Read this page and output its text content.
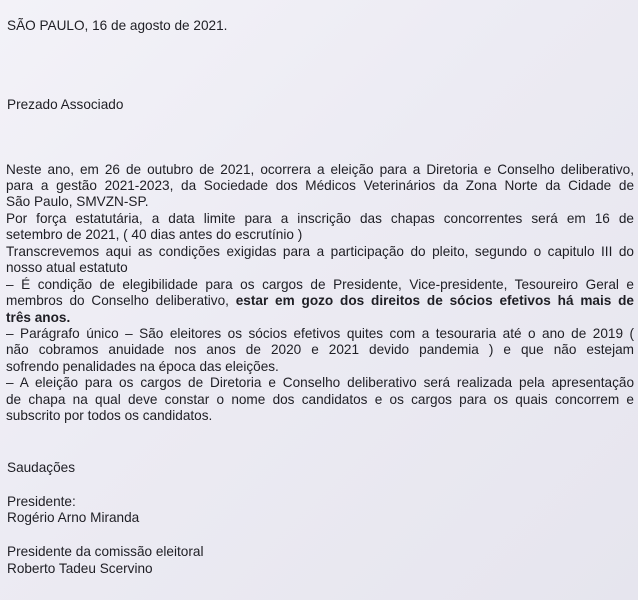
SÃO PAULO, 16 de agosto de 2021.
Prezado Associado
Neste ano, em 26 de outubro de 2021, ocorrera a eleição para a Diretoria e Conselho deliberativo,
para a gestão 2021-2023, da Sociedade dos Médicos Veterinários da Zona Norte da Cidade de
São Paulo, SMVZN-SP.
Por força estatutária, a data limite para a inscrição das chapas concorrentes será em 16 de
setembro de 2021, ( 40 dias antes do escrutínio )
Transcrevemos aqui as condições exigidas para a participação do pleito, segundo o capitulo III do
nosso atual estatuto
– É condição de elegibilidade para os cargos de Presidente, Vice-presidente, Tesoureiro Geral e
membros do Conselho deliberativo, estar em gozo dos direitos de sócios efetivos há mais de
três anos.
– Parágrafo único – São eleitores os sócios efetivos quites com a tesouraria até o ano de 2019 (
não cobramos anuidade nos anos de 2020 e 2021 devido pandemia ) e que não estejam
sofrendo penalidades na época das eleições.
– A eleição para os cargos de Diretoria e Conselho deliberativo será realizada pela apresentação
de chapa na qual deve constar o nome dos candidatos e os cargos para os quais concorrem e
subscrito por todos os candidatos.
Saudações
Presidente:
Rogério Arno Miranda
Presidente da comissão eleitoral
Roberto Tadeu Scervino
